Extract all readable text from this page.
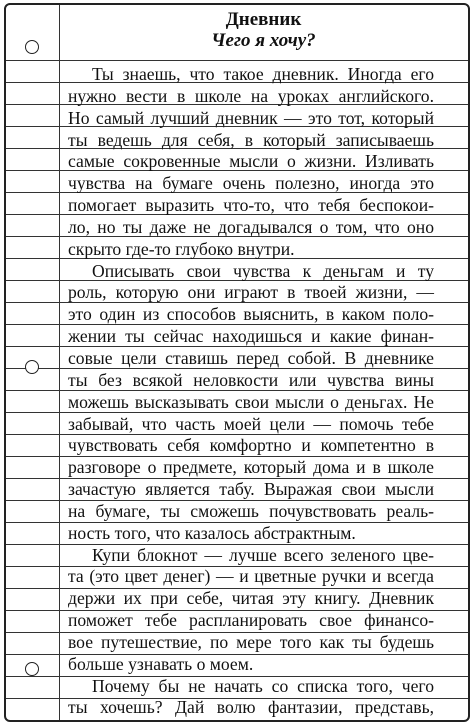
Дневник
Чего я хочу?
Ты знаешь, что такое дневник. Иногда его
нужно вести в школе на уроках английского.
Но самый лучший дневник — это тот, который
ты ведешь для себя, в который записываешь
самые сокровенные мысли о жизни. Изливать
чувства на бумаге очень полезно, иногда это
помогает выразить что-то, что тебя беспокои-
ло, но ты даже не догадывался о том, что оно
скрыто где-то глубоко внутри.
Описывать свои чувства к деньгам и ту
роль, которую они играют в твоей жизни, —
это один из способов выяснить, в каком поло-
жении ты сейчас находишься и какие финан-
совые цели ставишь перед собой. В дневнике
ты без всякой неловкости или чувства вины
можешь высказывать свои мысли о деньгах. Не
забывай, что часть моей цели — помочь тебе
чувствовать себя комфортно и компетентно в
разговоре о предмете, который дома и в школе
зачастую является табу. Выражая свои мысли
на бумаге, ты сможешь почувствовать реаль-
ность того, что казалось абстрактным.
Купи блокнот — лучше всего зеленого цве-
та (это цвет денег) — и цветные ручки и всегда
держи их при себе, читая эту книгу. Дневник
поможет тебе распланировать свое финансо-
вое путешествие, по мере того как ты будешь
больше узнавать о моем.
Почему бы не начать со списка того, чего
ты хочешь? Дай волю фантазии, представь,
